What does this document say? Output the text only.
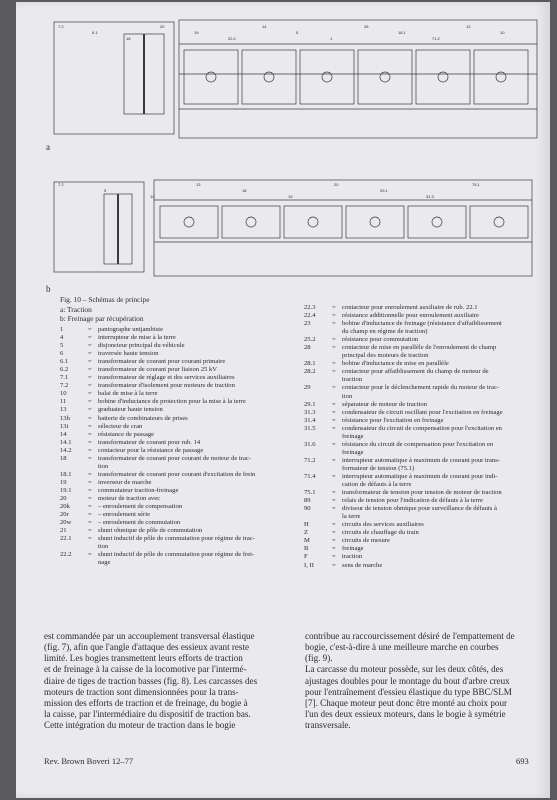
7.2
6.1
18
20
19
22.2
14
5
1
28
18.1
71.2
12
10
a
7.2
5
14
13
18
19
20
29.1
31.3
75.1
b
Fig. 10 – Schémas de principe
a: Traction
b: Freinage par récupération
1	= pantographe unijambiste
4	= interrupteur de mise à la terre
5	= disjoncteur principal du véhicule
6	= traversée haute tension
6.1	= transformateur de courant pour courant primaire
6.2	= transformateur de courant pour liaison 25 kV
7.1	= transformateur de réglage et des services auxiliaires
7.2	= transformateur d'isolement pour moteurs de traction
10	= balai de mise à la terre
11	= bobine d'inductance de protection pour la mise à la terre
13	= graduateur haute tension
13h	= batterie de combinateurs de prises
13i	= sélecteur de cran
14	= résistance de passage
14.1	= transformateur de courant pour rub. 14
14.2	= contacteur pour la résistance de passage
18	= transformateur de courant pour courant de moteur de trac-
tion
18.1	= transformateur de courant pour courant d'excitation de frein
19	= inverseur de marche
19.1	= commutateur traction-freinage
20	= moteur de traction avec
20k	= – enroulement de compensation
20r	= – enroulement série
20w	= – enroulement de commutation
21	= shunt ohmique de pôle de commutation
22.1	= shunt inductif de pôle de commutation pour régime de trac-
tion
22.2	= shunt inductif de pôle de commutation pour régime de frei-
nage
22.3	= contacteur pour enroulement auxiliaire de rub. 22.1
22.4	= résistance additionnelle pour enroulement auxiliaire
23	= bobine d'inductance de freinage (résistance d'affaiblissement
du champ en régime de traction)
25.2	= résistance pour commutation
28	= contacteur de mise en parallèle de l'enroulement de champ
principal des moteurs de traction
28.1	= bobine d'inductance de mise en parallèle
28.2	= contacteur pour affaiblissement du champ de moteur de
traction
29	= contacteur pour le déclenchement rapide du moteur de trac-
tion
29.1	= séparateur de moteur de traction
31.3	= condensateur de circuit oscillant pour l'excitation en freinage
31.4	= résistance pour l'excitation en freinage
31.5	= condensateur du circuit de compensation pour l'excitation en
freinage
31.6	= résistance du circuit de compensation pour l'excitation en
freinage
71.2	= interrupteur automatique à maximum de courant pour trans-
formateur de tension (75.1)
71.4	= interrupteur automatique à maximum de courant pour indi-
cation de défauts à la terre
75.1	= transformateur de tension pour tension de moteur de traction
89	= relais de tension pour l'indication de défauts à la terre
90	= diviseur de tension ohmique pour surveillance de défauts à
la terre
H	= circuits des services auxiliaires
Z	= circuits de chauffage du train
M	= circuits de mesure
B	= freinage
F	= traction
I, II	= sens de marche
est commandée par un accouplement transversal élastique
(fig. 7), afin que l'angle d'attaque des essieux avant reste
limité. Les bogies transmettent leurs efforts de traction
et de freinage à la caisse de la locomotive par l'intermé-
diaire de tiges de traction basses (fig. 8). Les carcasses des
moteurs de traction sont dimensionnées pour la trans-
mission des efforts de traction et de freinage, du bogie à
la caisse, par l'intermédiaire du dispositif de traction bas.
Cette intégration du moteur de traction dans le bogie
contribue au raccourcissement désiré de l'empattement de
bogie, c'est-à-dire à une meilleure marche en courbes
(fig. 9).
La carcasse du moteur possède, sur les deux côtés, des
ajustages doubles pour le montage du bout d'arbre creux
pour l'entraînement d'essieu élastique du type BBC/SLM
[7]. Chaque moteur peut donc être monté au choix pour
l'un des deux essieux moteurs, dans le bogie à symétrie
transversale.
Rev. Brown Boveri 12–77	693
